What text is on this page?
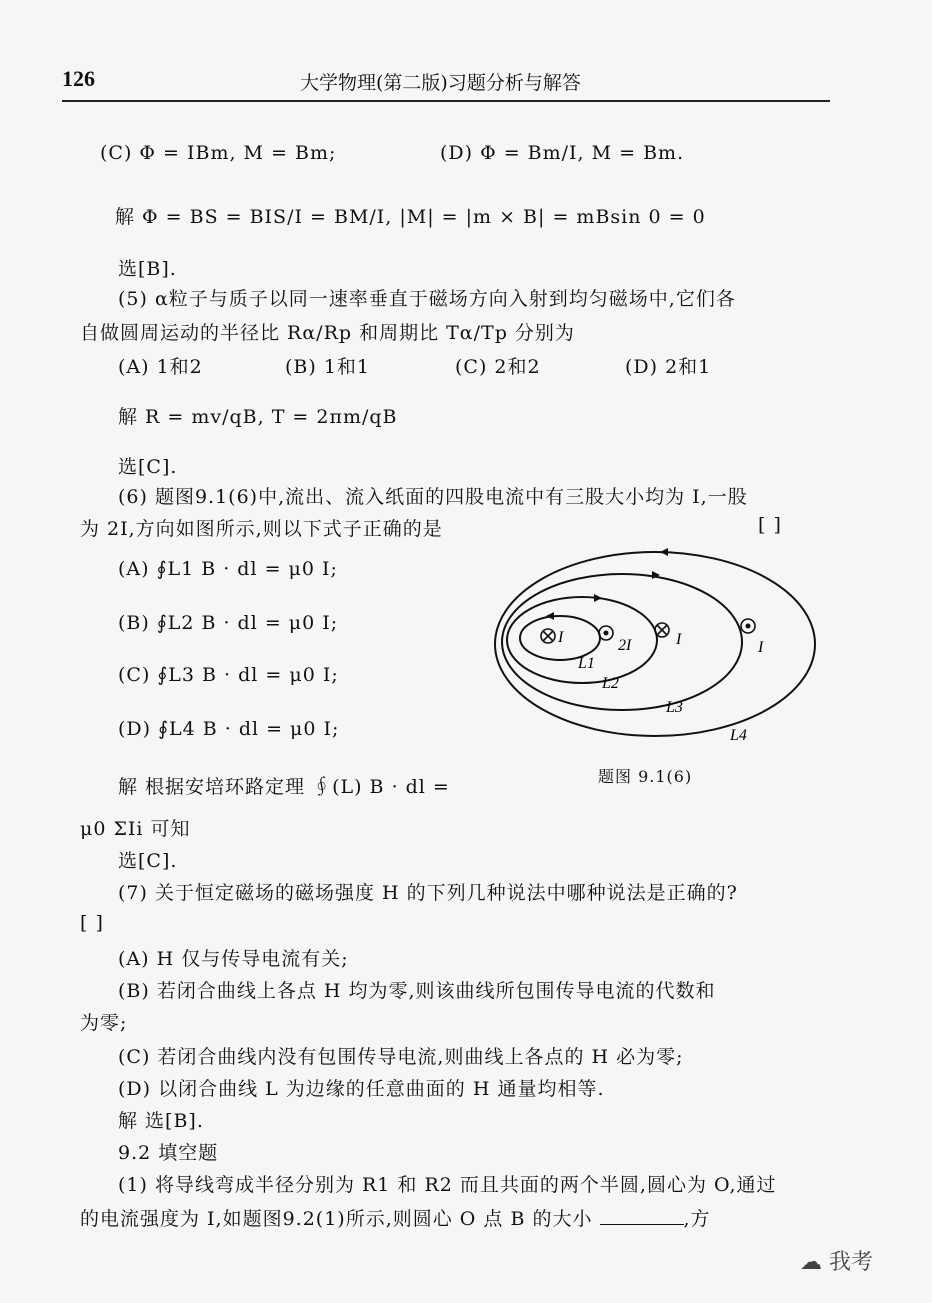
126	大学物理(第二版)习题分析与解答
(C) Φ = IBm, M = Bm;	(D) Φ = Bm/I, M = Bm.
解 Φ = BS = BIS/I = BM/I, |M| = |m × B| = mBsin 0 = 0
选[B].
(5) α粒子与质子以同一速率垂直于磁场方向入射到均匀磁场中,它们各
自做圆周运动的半径比 Rα/Rp 和周期比 Tα/Tp 分别为
(A) 1和2	(B) 1和1	(C) 2和2	(D) 2和1
解 R = mv/qB, T = 2πm/qB
选[C].
(6) 题图9.1(6)中,流出、流入纸面的四股电流中有三股大小均为 I,一股
为 2I,方向如图所示,则以下式子正确的是	[ ]
(A) ∮L1 B · dl = μ0 I;
(B) ∮L2 B · dl = μ0 I;
(C) ∮L3 B · dl = μ0 I;
(D) ∮L4 B · dl = μ0 I;
解 根据安培环路定理 ∮(L) B · dl =
μ0 ΣIi 可知
选[C].
I	2I	I	I
L1
L2
L3
L4
题图 9.1(6)
(7) 关于恒定磁场的磁场强度 H 的下列几种说法中哪种说法是正确的?
[ ]
(A) H 仅与传导电流有关;
(B) 若闭合曲线上各点 H 均为零,则该曲线所包围传导电流的代数和
为零;
(C) 若闭合曲线内没有包围传导电流,则曲线上各点的 H 必为零;
(D) 以闭合曲线 L 为边缘的任意曲面的 H 通量均相等.
解 选[B].
9.2 填空题
(1) 将导线弯成半径分别为 R1 和 R2 而且共面的两个半圆,圆心为 O,通过
的电流强度为 I,如题图9.2(1)所示,则圆心 O 点 B 的大小	,方
☁ 我考
